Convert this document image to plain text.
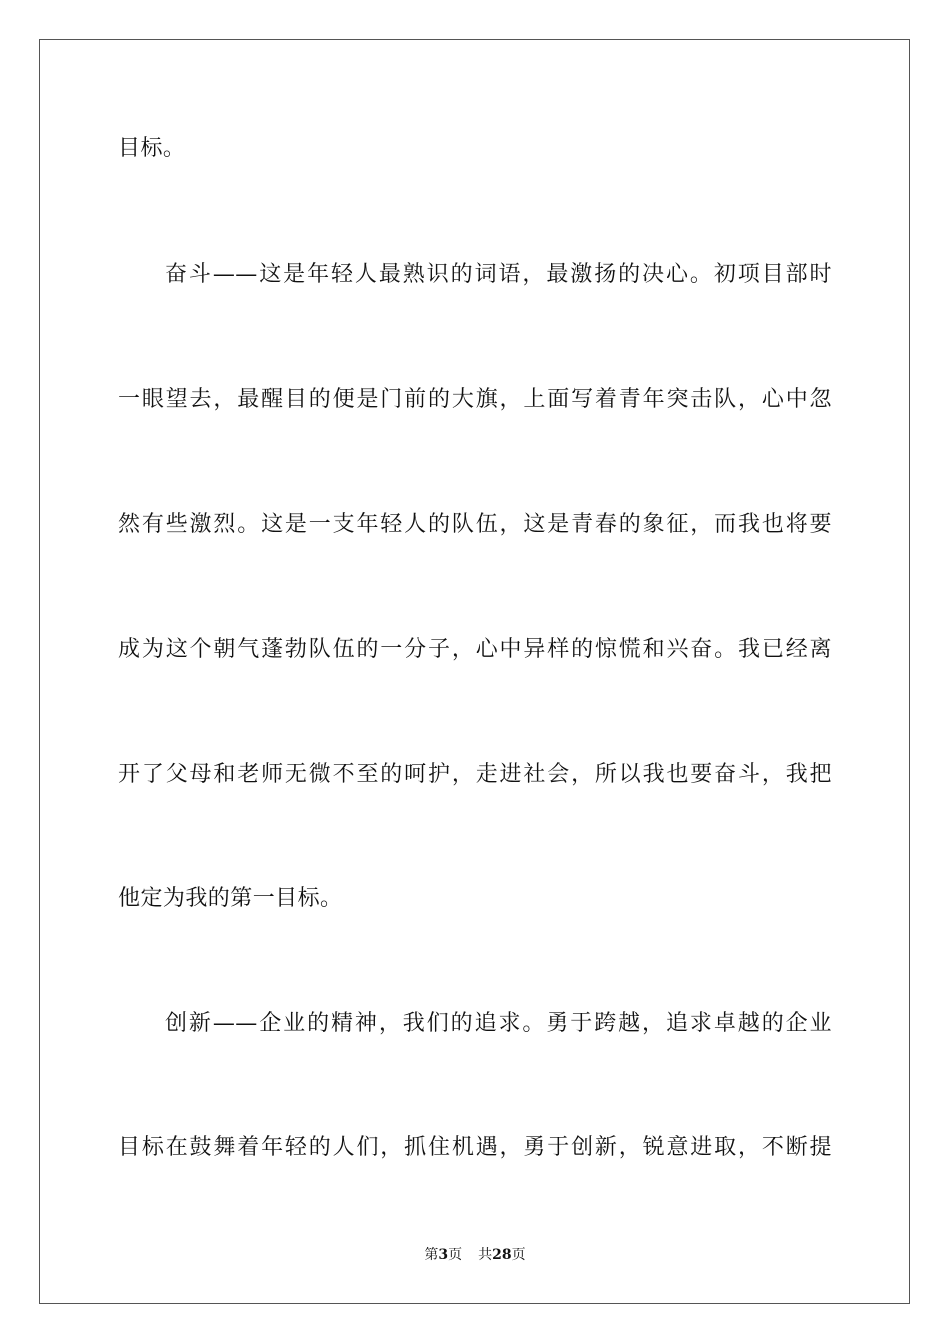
目标。
奋斗——这是年轻人最熟识的词语，最激扬的决心。初项目部时
一眼望去，最醒目的便是门前的大旗，上面写着青年突击队，心中忽
然有些激烈。这是一支年轻人的队伍，这是青春的象征，而我也将要
成为这个朝气蓬勃队伍的一分子，心中异样的惊慌和兴奋。我已经离
开了父母和老师无微不至的呵护，走进社会，所以我也要奋斗，我把
他定为我的第一目标。
创新——企业的精神，我们的追求。勇于跨越，追求卓越的企业
目标在鼓舞着年轻的人们，抓住机遇，勇于创新，锐意进取，不断提
第3页 共28页
